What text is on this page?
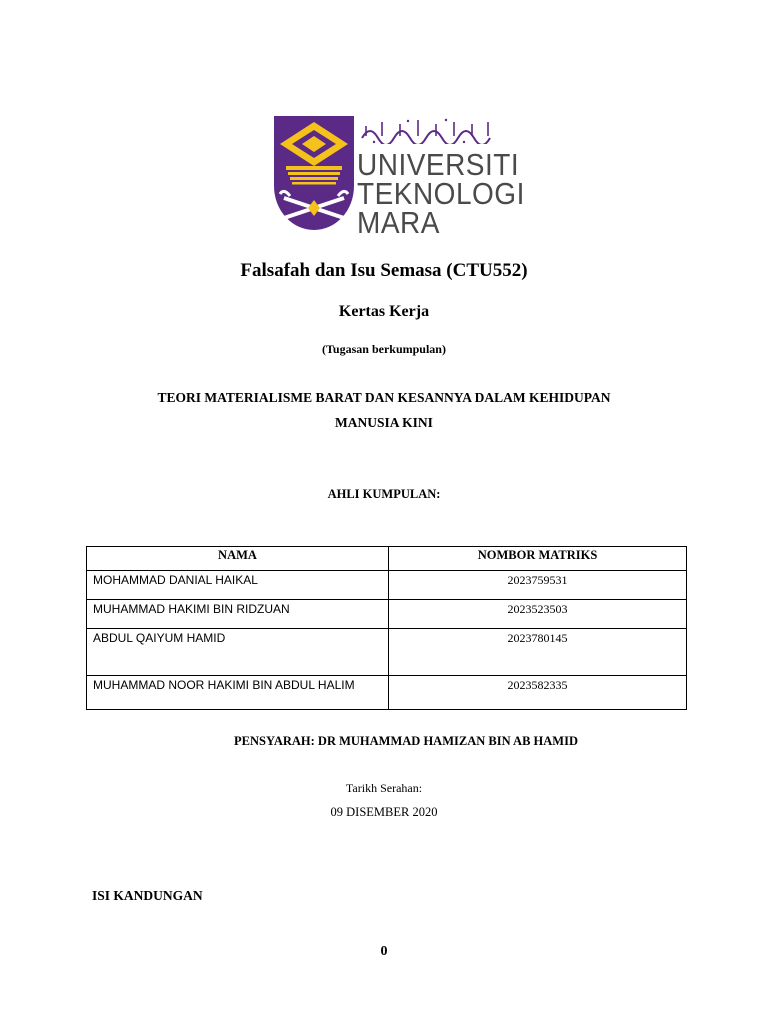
UNIVERSITI
TEKNOLOGI
MARA
Falsafah dan Isu Semasa (CTU552)
Kertas Kerja
(Tugasan berkumpulan)
TEORI MATERIALISME BARAT DAN KESANNYA DALAM KEHIDUPAN
MANUSIA KINI
AHLI KUMPULAN:
NAMA	NOMBOR MATRIKS
MOHAMMAD DANIAL HAIKAL	2023759531
MUHAMMAD HAKIMI BIN RIDZUAN	2023523503
ABDUL QAIYUM HAMID	2023780145
MUHAMMAD NOOR HAKIMI BIN ABDUL HALIM	2023582335
PENSYARAH: DR MUHAMMAD HAMIZAN BIN AB HAMID
Tarikh Serahan:
09 DISEMBER 2020
ISI KANDUNGAN
0
